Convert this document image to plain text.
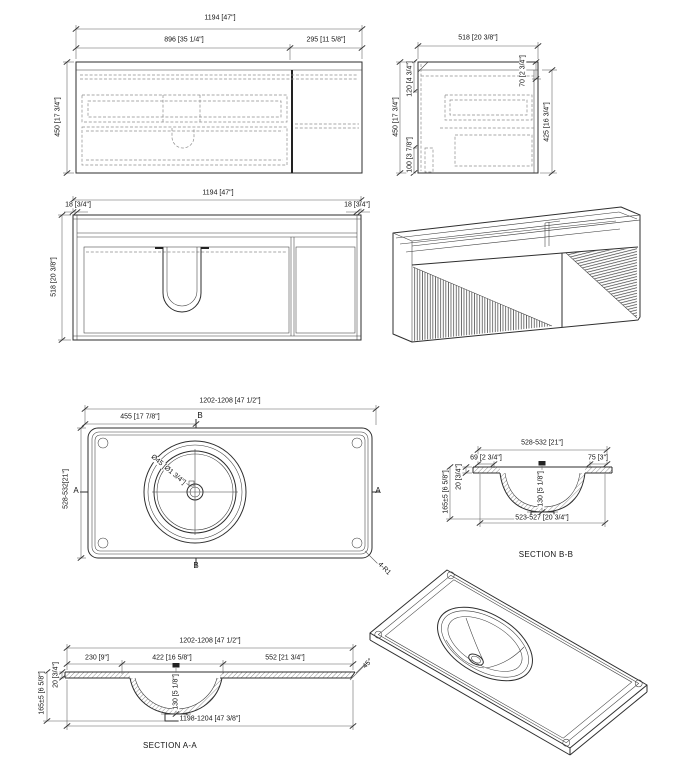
1194 [47"]
896 [35 1/4"]	295 [11 5/8"]
450 [17 3/4"]
518 [20 3/8"]
450 [17 3/4"]
120 [4 3/4"]
100 [3 7/8"]
70 [2 3/4"]
425 [16 3/4"]
1194 [47"]
18 [3/4"]	18 [3/4"]
518 [20 3/8"]
1202-1208 [47 1/2"]
455 [17 7/8"]	B
528-532[21"] A	A
B
Ø45 [Ø1 3/4"]
4-R1
528-532 [21"]
69 [2 3/4"]	75 [3"]
20 [3/4"]
165±5 [6 5/8"]	130 [5 1/8"]
523-527 [20 3/4"]
SECTION B-B
1202-1208 [47 1/2"]
230 [9"]	422 [16 5/8"]	552 [21 3/4"]
20 [3/4"]
165±5 [6 5/8"]	130 [5 1/8"]
1198-1204 [47 3/8"]
45°
SECTION A-A
